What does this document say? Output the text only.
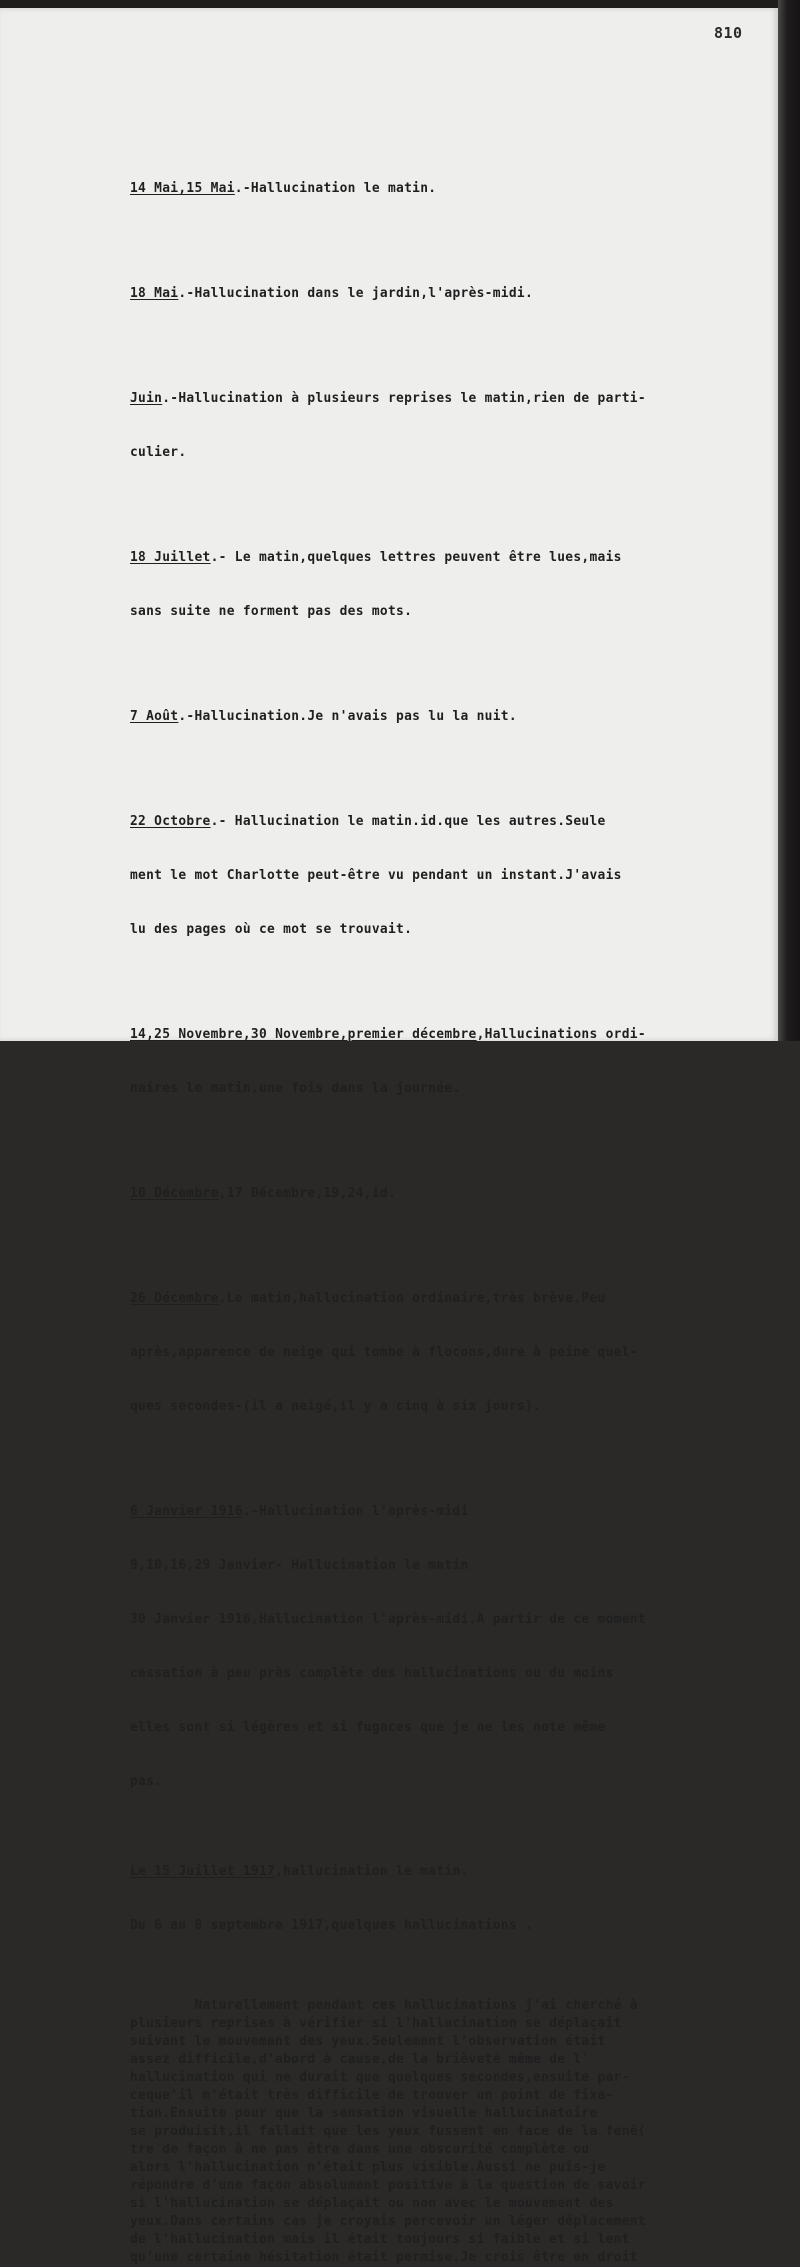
810

14 Mai,15 Mai.-Hallucination le matin.

18 Mai.-Hallucination dans le jardin,l'après-midi.

Juin.-Hallucination à plusieurs reprises le matin,rien de parti-

culier.

18 Juillet.- Le matin,quelques lettres peuvent être lues,mais

sans suite ne forment pas des mots.

7 Août.-Hallucination.Je n'avais pas lu la nuit.

22 Octobre.- Hallucination le matin.id.que les autres.Seule

ment le mot Charlotte peut-être vu pendant un instant.J'avais

lu des pages où ce mot se trouvait.

14,25 Novembre,30 Novembre,premier décembre,Hallucinations ordi-

naires le matin,une fois dans la journée.

10 Décembre,17 Décembre,19,24,id.

26 Décembre.Le matin,hallucination ordinaire,très brève.Peu

après,apparence de neige qui tombe à flocons,dure à peine quel-

ques secondes-(il a neigé,il y a cinq à six jours).

6 Janvier 1916.-Hallucination l'après-midi

9,10,16,29 Janvier- Hallucination le matin

30 Janvier 1916,Hallucination l'après-midi.A partir de ce moment

cessation à peu près complète des hallucinations ou du moins

elles sont si légères et si fugaces que je ne les note même

pas.

Le 15 Juillet 1917,hallucination le matin.

Du 6 au 8 septembre 1917,quelques hallucinations .

Naturellement pendant ces hallucinations j'ai cherché à
plusieurs reprises à vérifier si l'hallucination se déplaçait
suivant le mouvement des yeux.Seulement l'observation était
assez difficile,d'abord à cause,de la brièveté même de l'
hallucination qui ne durait que quelques secondes,ensuite par-
ceque'il m'était très difficile de trouver un point de fixa-
tion.Ensuite pour que la sensation visuelle hallucinatoire
se produisit,il fallait que les yeux fussent en face de la fenê(
tre de façon à ne pas être dans une obscurité complète ou
alors l'hallucination n'était plus visible.Aussi ne puis-je
répondre d'une façon absolument positive à la question de savoir
si l'hallucination se déplaçait ou non avec le mouvement des
yeux.Dans certains cas je croyais percevoir un léger déplacement
de l'hallucination mais il était toujours si faible et si lent
qu'une certaine hésitation était permise.Je crois être en droit
